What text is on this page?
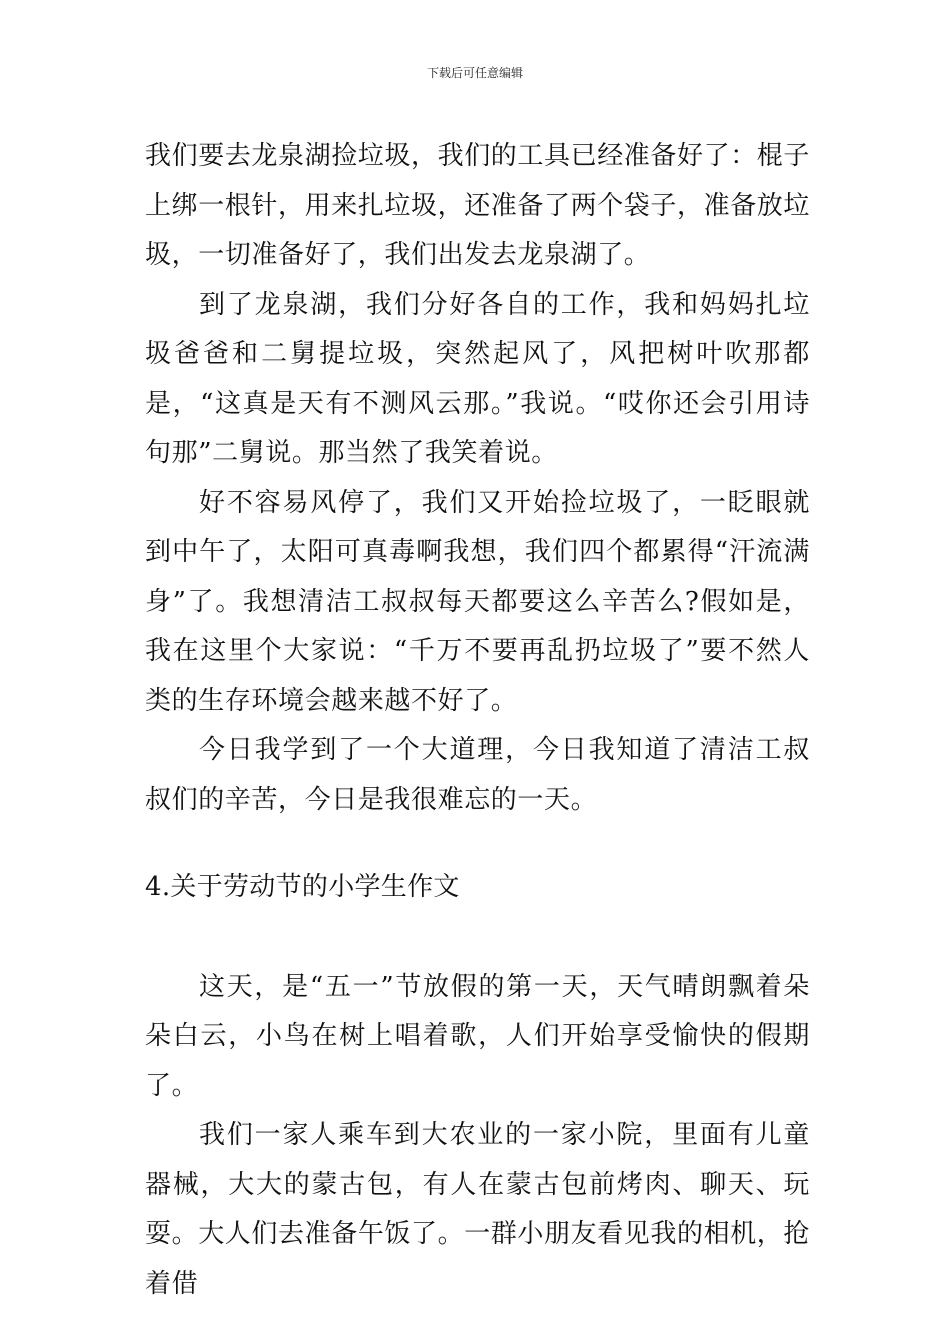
下载后可任意编辑

我们要去龙泉湖捡垃圾，我们的工具已经准备好了：棍子上绑一根针，用来扎垃圾，还准备了两个袋子，准备放垃圾，一切准备好了，我们出发去龙泉湖了。

到了龙泉湖，我们分好各自的工作，我和妈妈扎垃圾爸爸和二舅提垃圾，突然起风了，风把树叶吹那都是，“这真是天有不测风云那。”我说。“哎你还会引用诗句那”二舅说。那当然了我笑着说。

好不容易风停了，我们又开始捡垃圾了，一眨眼就到中午了，太阳可真毒啊我想，我们四个都累得“汗流满身”了。我想清洁工叔叔每天都要这么辛苦么?假如是，我在这里个大家说：“千万不要再乱扔垃圾了”要不然人类的生存环境会越来越不好了。

今日我学到了一个大道理，今日我知道了清洁工叔叔们的辛苦，今日是我很难忘的一天。

4.关于劳动节的小学生作文

这天，是“五一”节放假的第一天，天气晴朗飘着朵朵白云，小鸟在树上唱着歌，人们开始享受愉快的假期了。

我们一家人乘车到大农业的一家小院，里面有儿童器械，大大的蒙古包，有人在蒙古包前烤肉、聊天、玩耍。大人们去准备午饭了。一群小朋友看见我的相机，抢着借
